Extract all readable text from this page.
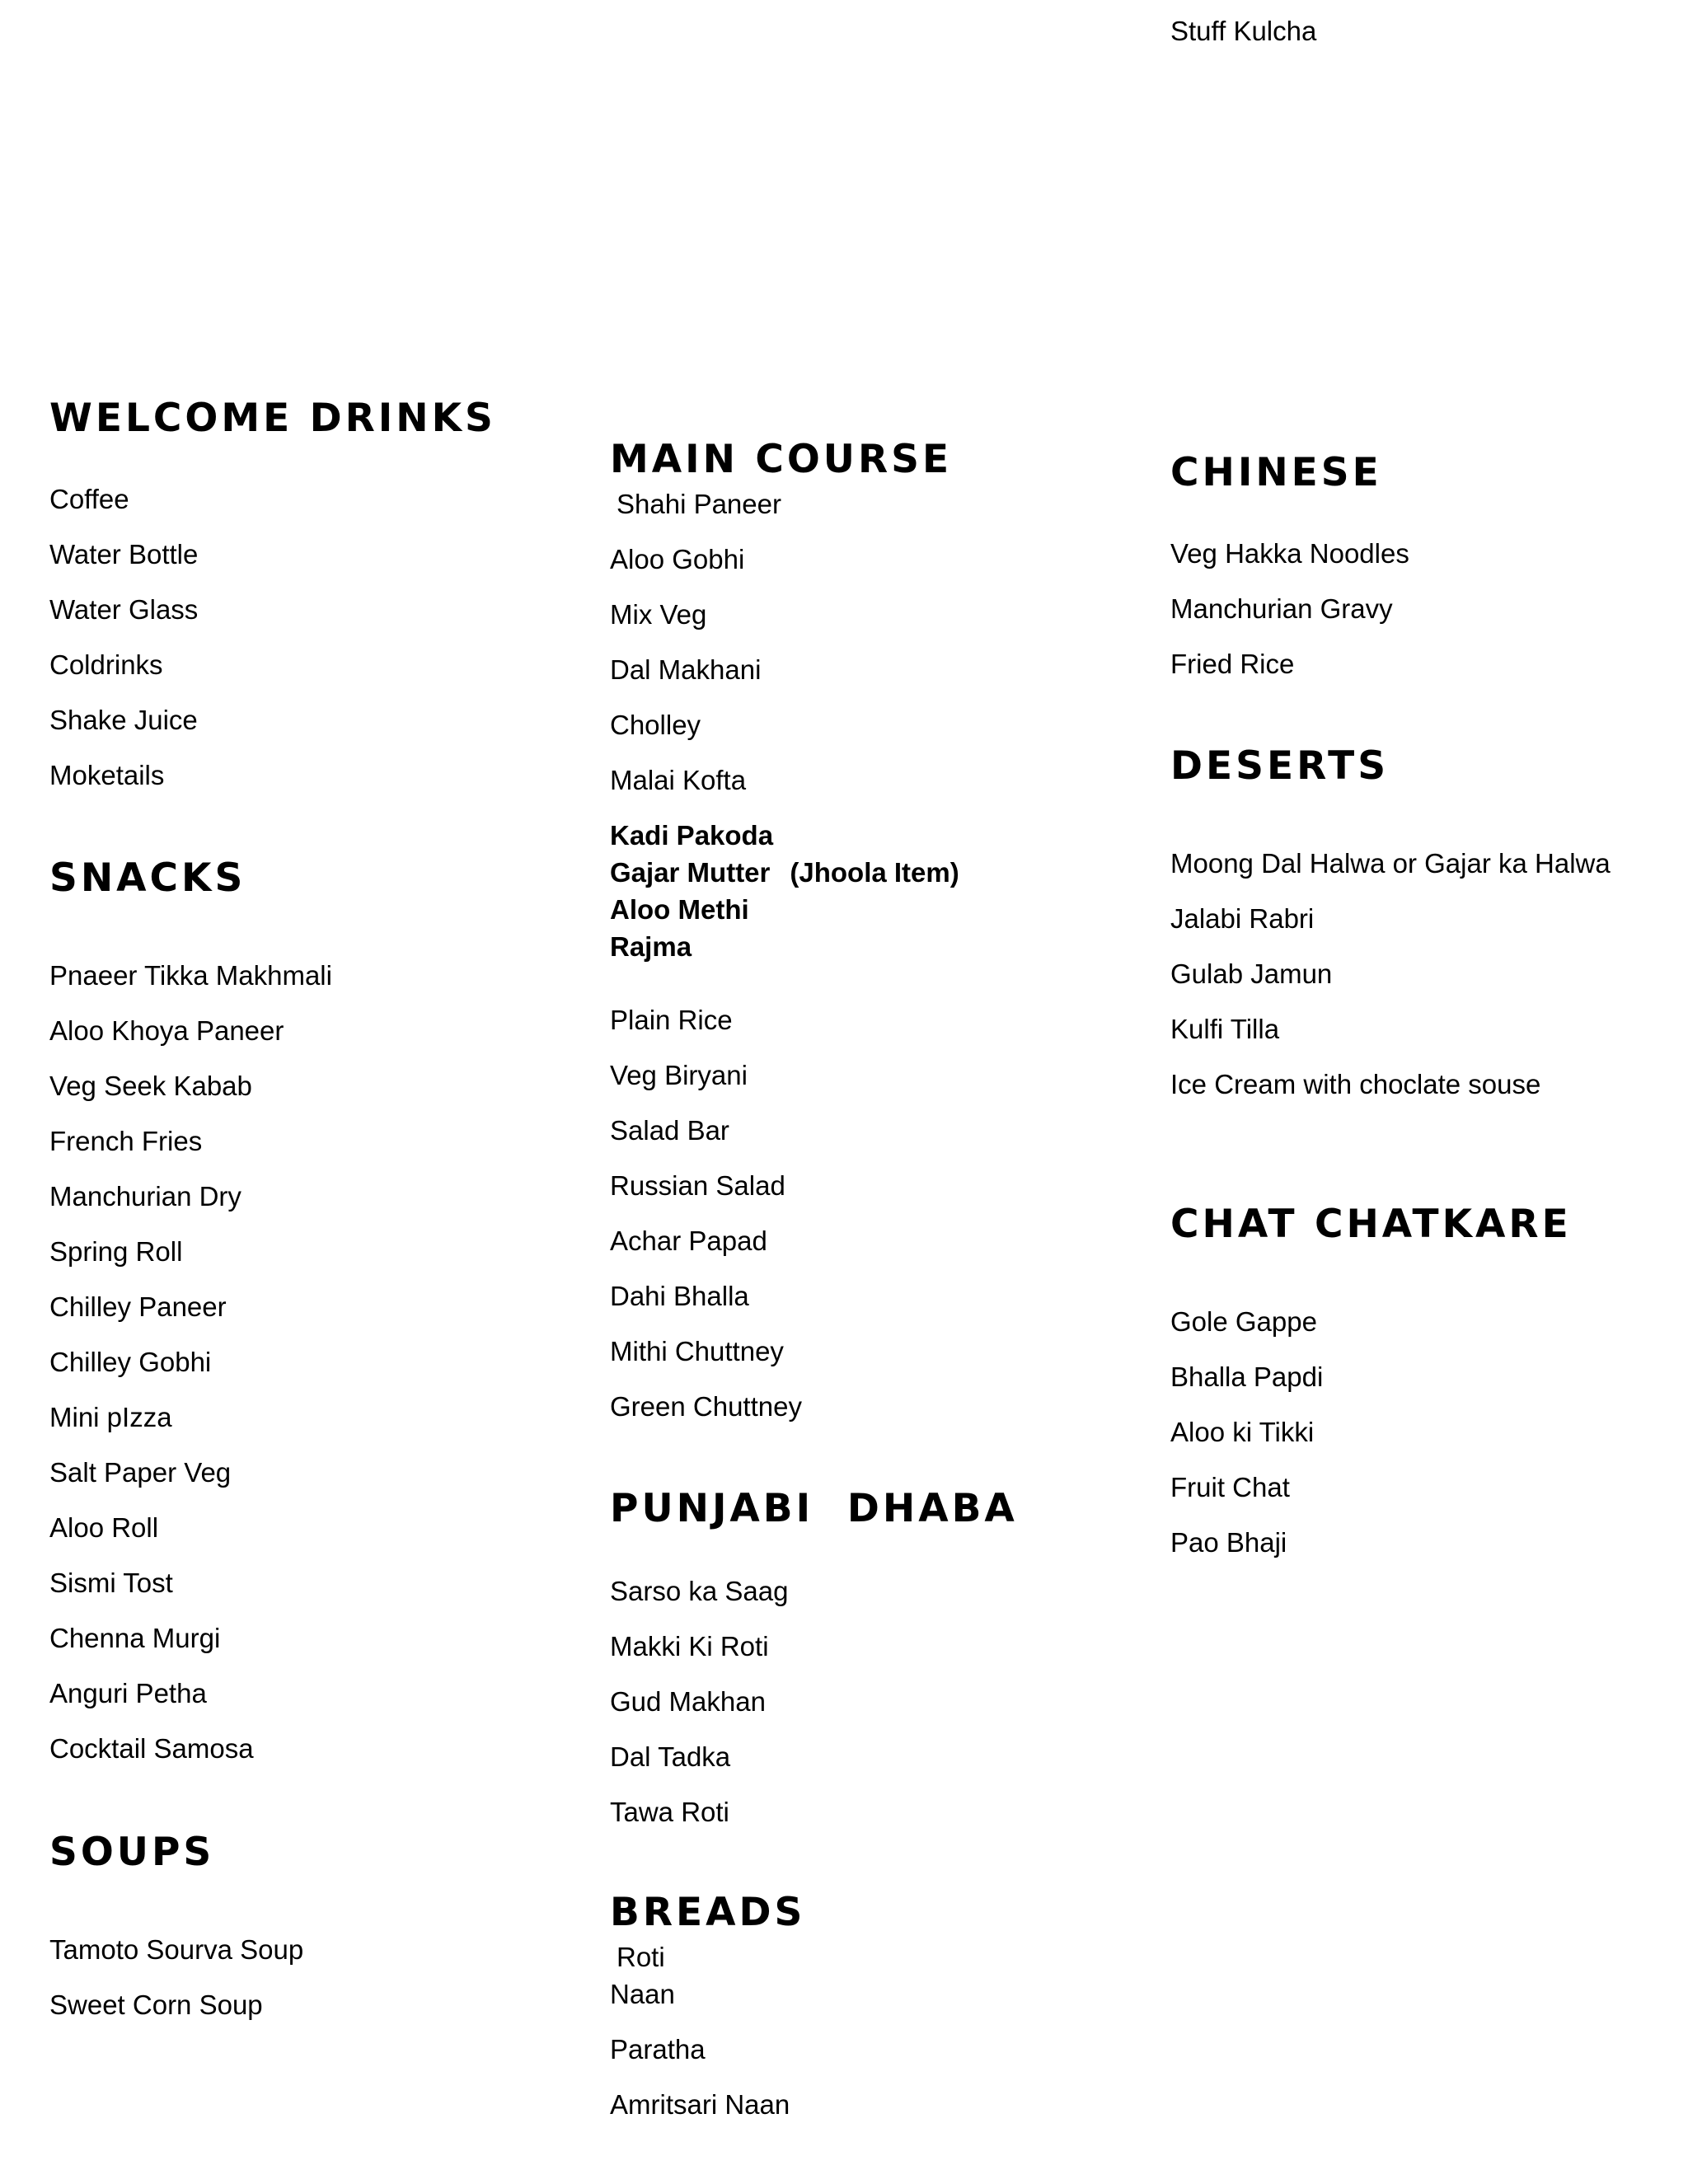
WELCOME DRINKS
Coffee
Water Bottle
Water Glass
Coldrinks
Shake Juice
Moketails
SNACKS
Pnaeer Tikka Makhmali
Aloo Khoya Paneer
Veg Seek Kabab
French Fries
Manchurian Dry
Spring Roll
Chilley Paneer
Chilley Gobhi
Mini pIzza
Salt Paper Veg
Aloo Roll
Sismi Tost
Chenna Murgi
Anguri Petha
Cocktail Samosa
SOUPS
Tamoto Sourva Soup
Sweet Corn Soup
MAIN COURSE
Shahi Paneer
Aloo Gobhi
Mix Veg
Dal Makhani
Cholley
Malai Kofta
Kadi Pakoda
Gajar Mutter (Jhoola Item)
Aloo Methi
Rajma
Plain Rice
Veg Biryani
Salad Bar
Russian Salad
Achar Papad
Dahi Bhalla
Mithi Chuttney
Green Chuttney
PUNJABI  DHABA
Sarso ka Saag
Makki Ki Roti
Gud Makhan
Dal Tadka
Tawa Roti
BREADS
Roti
Naan
Paratha
Amritsari Naan
Stuff Kulcha
CHINESE
Veg Hakka Noodles
Manchurian Gravy
Fried Rice
DESERTS
Moong Dal Halwa or Gajar ka Halwa
Jalabi Rabri
Gulab Jamun
Kulfi Tilla
Ice Cream with choclate souse
CHAT CHATKARE
Gole Gappe
Bhalla Papdi
Aloo ki Tikki
Fruit Chat
Pao Bhaji
